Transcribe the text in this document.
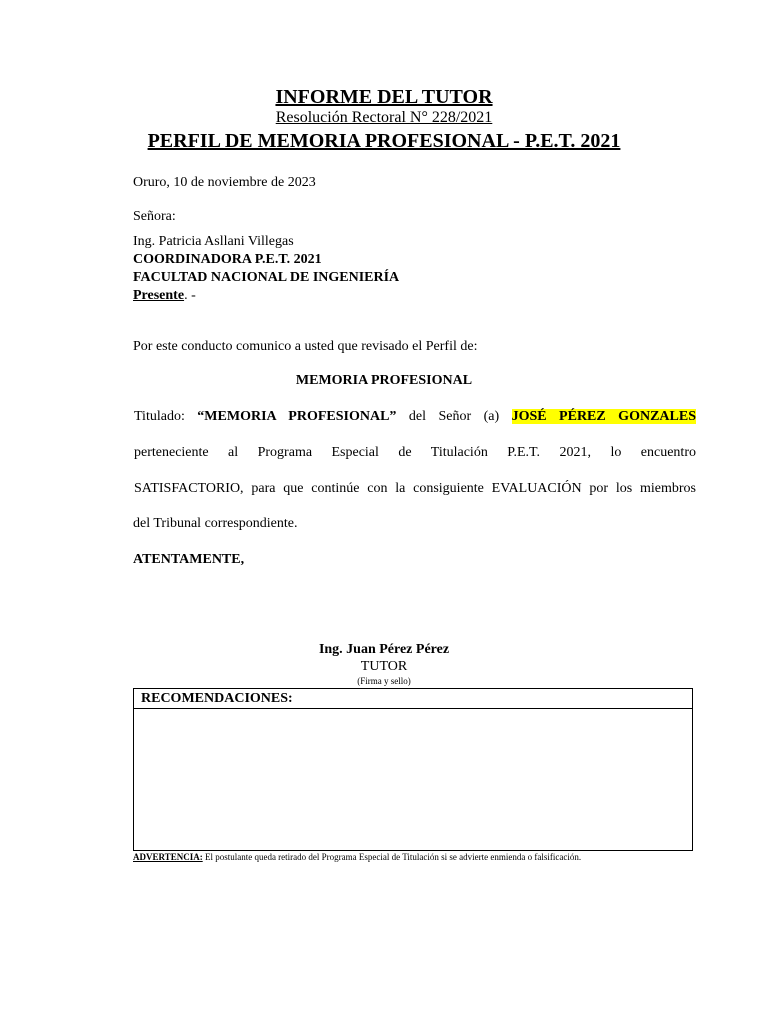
INFORME DEL TUTOR
Resolución Rectoral N° 228/2021
PERFIL DE MEMORIA PROFESIONAL - P.E.T. 2021
Oruro, 10 de noviembre de 2023
Señora:
Ing. Patricia Asllani Villegas
COORDINADORA P.E.T. 2021
FACULTAD NACIONAL DE INGENIERÍA
Presente. -
Por este conducto comunico a usted que revisado el Perfil de:
MEMORIA PROFESIONAL
Titulado: “MEMORIA PROFESIONAL” del Señor (a) JOSÉ PÉREZ GONZALES
perteneciente al Programa Especial de Titulación P.E.T. 2021, lo encuentro
SATISFACTORIO, para que continúe con la consiguiente EVALUACIÓN por los miembros
del Tribunal correspondiente.
ATENTAMENTE,
Ing. Juan Pérez Pérez
TUTOR
(Firma y sello)
RECOMENDACIONES:
ADVERTENCIA: El postulante queda retirado del Programa Especial de Titulación si se advierte enmienda o falsificación.
